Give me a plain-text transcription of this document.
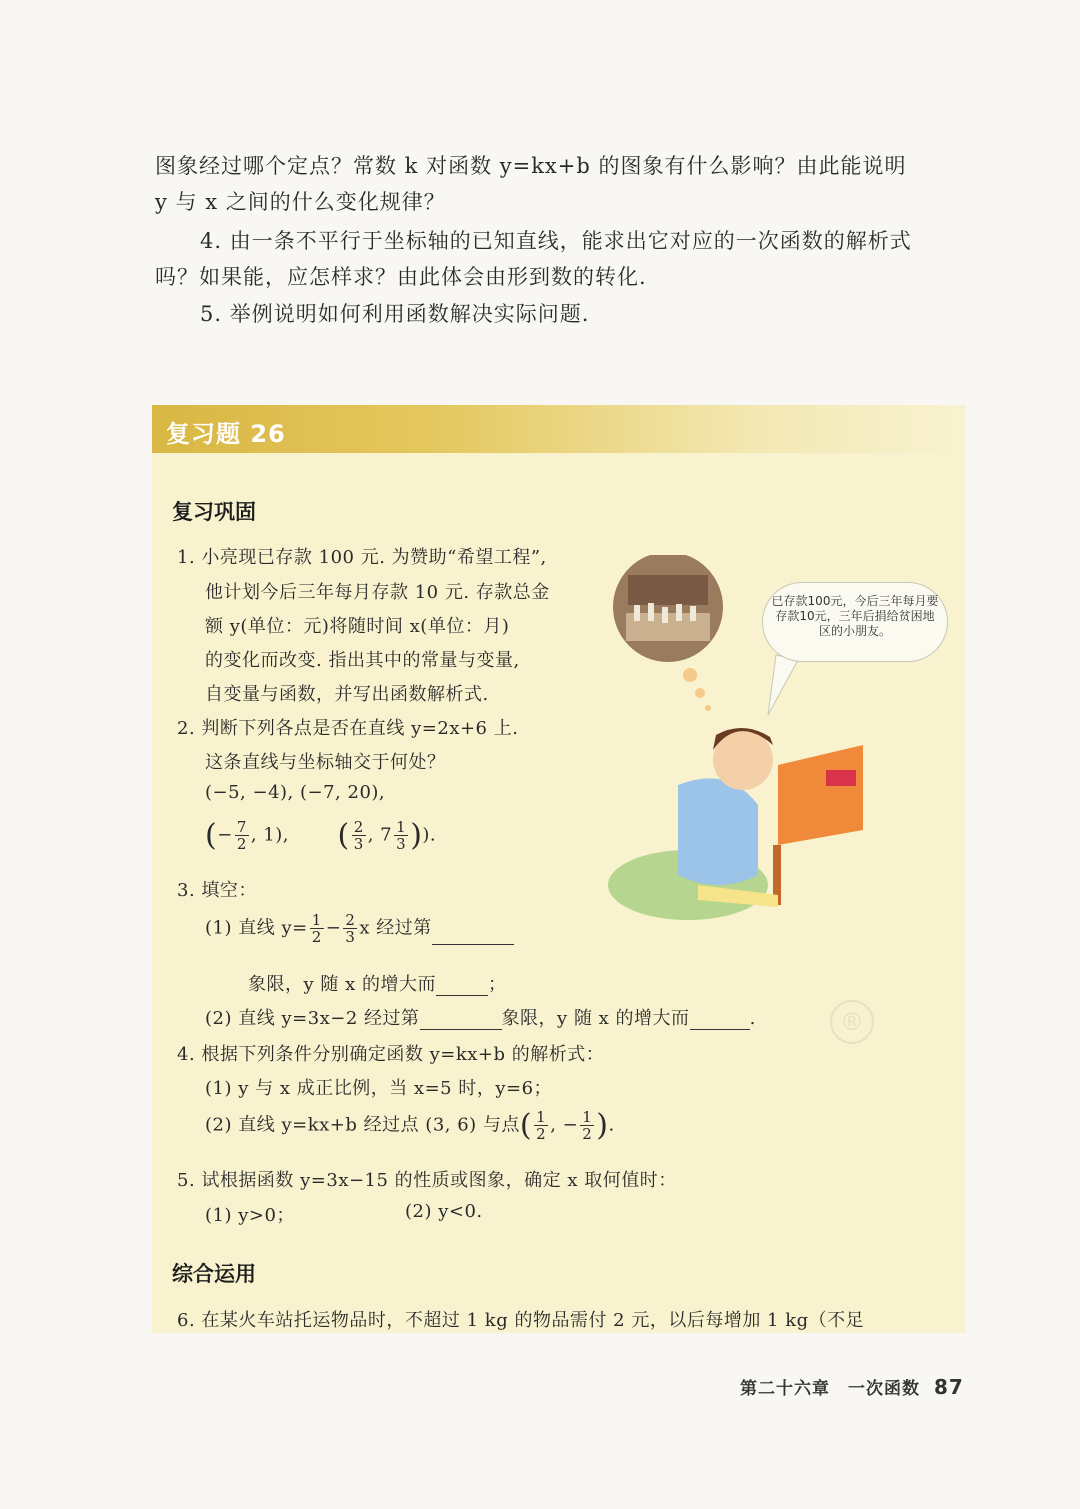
图象经过哪个定点？常数 k 对函数 y=kx+b 的图象有什么影响？由此能说明
y 与 x 之间的什么变化规律？
4. 由一条不平行于坐标轴的已知直线，能求出它对应的一次函数的解析式
吗？如果能，应怎样求？由此体会由形到数的转化.
5. 举例说明如何利用函数解决实际问题.
复习题 26
复习巩固
1. 小亮现已存款 100 元. 为赞助“希望工程”,
他计划今后三年每月存款 10 元. 存款总金
额 y(单位：元)将随时间 x(单位：月)
的变化而改变. 指出其中的常量与变量,
自变量与函数，并写出函数解析式.
2. 判断下列各点是否在直线 y=2x+6 上.
这条直线与坐标轴交于何处？
(−5, −4), (−7, 20),
(− $\frac{7}{2}$ , 1), ( $\frac{2}{3}$ , $7 \frac{1}{3}$ )).
3. 填空：
(1) 直线 $y= \frac{1}{2} - \frac{2}{3}$ x 经过第
象限，y 随 x 的增大而	；
(2) 直线 y=3x−2 经过第	象限，y 随 x 的增大而	.
4. 根据下列条件分别确定函数 y=kx+b 的解析式：
(1) y 与 x 成正比例，当 x=5 时，y=6；
(2) 直线 y=kx+b 经过点 (3, 6) 与点( $\frac{1}{2}$ , − $\frac{1}{2}$ ).
5. 试根据函数 y=3x−15 的性质或图象，确定 x 取何值时：
(1) y>0；	(2) y<0.
综合运用
6. 在某火车站托运物品时，不超过 1 kg 的物品需付 2 元，以后每增加 1 kg（不足
已存款100元，今后三年每月要存款10元，三年后捐给贫困地区的小朋友。
®
第二十六章　一次函数 87
